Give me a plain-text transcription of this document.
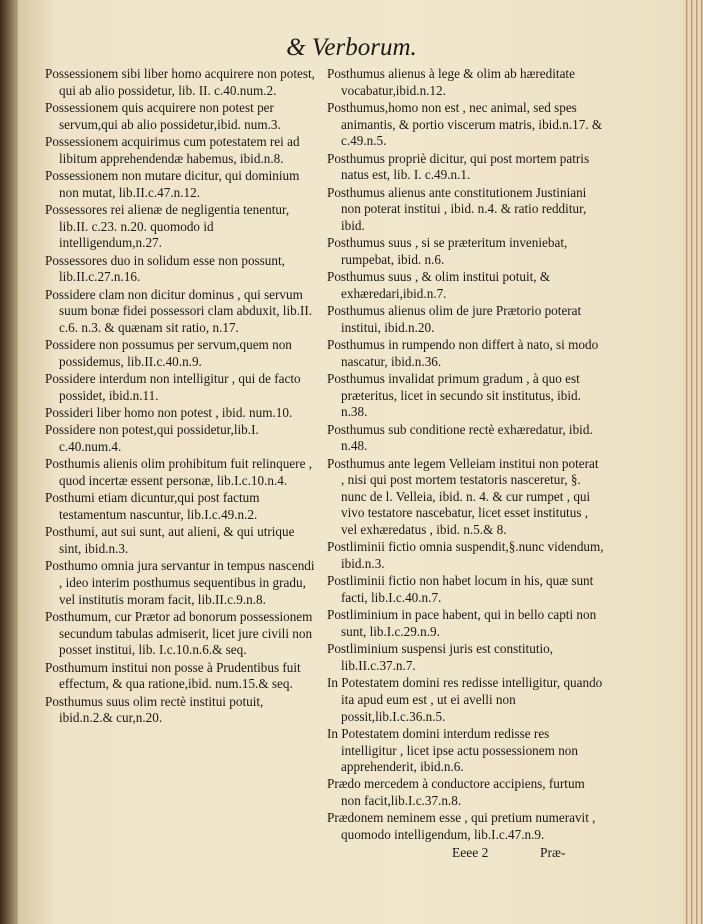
& Verborum.

Possessionem sibi liber homo acquirere non potest, qui ab alio possidetur, lib. II. c.40.num.2.

Possessionem quis acquirere non potest per servum,qui ab alio possidetur,ibid. num.3.

Possessionem acquirimus cum potestatem rei ad libitum apprehendendæ habemus, ibid.n.8.

Possessionem non mutare dicitur, qui dominium non mutat, lib.II.c.47.n.12.

Possessores rei alienæ de negligentia tenentur, lib.II. c.23. n.20. quomodo id intelligendum,n.27.

Possessores duo in solidum esse non possunt, lib.II.c.27.n.16.

Possidere clam non dicitur dominus , qui servum suum bonæ fidei possessori clam abduxit, lib.II. c.6. n.3. & quænam sit ratio, n.17.

Possidere non possumus per servum,quem non possidemus, lib.II.c.40.n.9.

Possidere interdum non intelligitur , qui de facto possidet, ibid.n.11.

Possideri liber homo non potest , ibid. num.10.

Possidere non potest,qui possidetur,lib.I. c.40.num.4.

Posthumis alienis olim prohibitum fuit relinquere , quod incertæ essent personæ, lib.I.c.10.n.4.

Posthumi etiam dicuntur,qui post factum testamentum nascuntur, lib.I.c.49.n.2.

Posthumi, aut sui sunt, aut alieni, & qui utrique sint, ibid.n.3.

Posthumo omnia jura servantur in tempus nascendi , ideo interim posthumus sequentibus in gradu, vel institutis moram facit, lib.II.c.9.n.8.

Posthumum, cur Prætor ad bonorum possessionem secundum tabulas admiserit, licet jure civili non posset institui, lib. I.c.10.n.6.& seq.

Posthumum institui non posse à Prudentibus fuit effectum, & qua ratione,ibid. num.15.& seq.

Posthumus suus olim rectè institui potuit, ibid.n.2.& cur,n.20.

Posthumus alienus à lege & olim ab hæreditate vocabatur,ibid.n.12.

Posthumus,homo non est , nec animal, sed spes animantis, & portio viscerum matris, ibid.n.17. & c.49.n.5.

Posthumus propriè dicitur, qui post mortem patris natus est, lib. I. c.49.n.1.

Posthumus alienus ante constitutionem Justiniani non poterat institui , ibid. n.4. & ratio redditur, ibid.

Posthumus suus , si se præteritum inveniebat, rumpebat, ibid. n.6.

Posthumus suus , & olim institui potuit, & exhæredari,ibid.n.7.

Posthumus alienus olim de jure Prætorio poterat institui, ibid.n.20.

Posthumus in rumpendo non differt à nato, si modo nascatur, ibid.n.36.

Posthumus invalidat primum gradum , à quo est præteritus, licet in secundo sit institutus, ibid. n.38.

Posthumus sub conditione rectè exhæredatur, ibid. n.48.

Posthumus ante legem Velleiam institui non poterat , nisi qui post mortem testatoris nasceretur, §. nunc de l. Velleia, ibid. n. 4. & cur rumpet , qui vivo testatore nascebatur, licet esset institutus , vel exhæredatus , ibid. n.5.& 8.

Postliminii fictio omnia suspendit,§.nunc videndum, ibid.n.3.

Postliminii fictio non habet locum in his, quæ sunt facti, lib.I.c.40.n.7.

Postliminium in pace habent, qui in bello capti non sunt, lib.I.c.29.n.9.

Postliminium suspensi juris est constitutio, lib.II.c.37.n.7.

In Potestatem domini res redisse intelligitur, quando ita apud eum est , ut ei avelli non possit,lib.I.c.36.n.5.

In Potestatem domini interdum redisse res intelligitur , licet ipse actu possessionem non apprehenderit, ibid.n.6.

Prædo mercedem à conductore accipiens, furtum non facit,lib.I.c.37.n.8.

Prædonem neminem esse , qui pretium numeravit , quomodo intelligendum, lib.I.c.47.n.9.

Eeee 2	Præ-
